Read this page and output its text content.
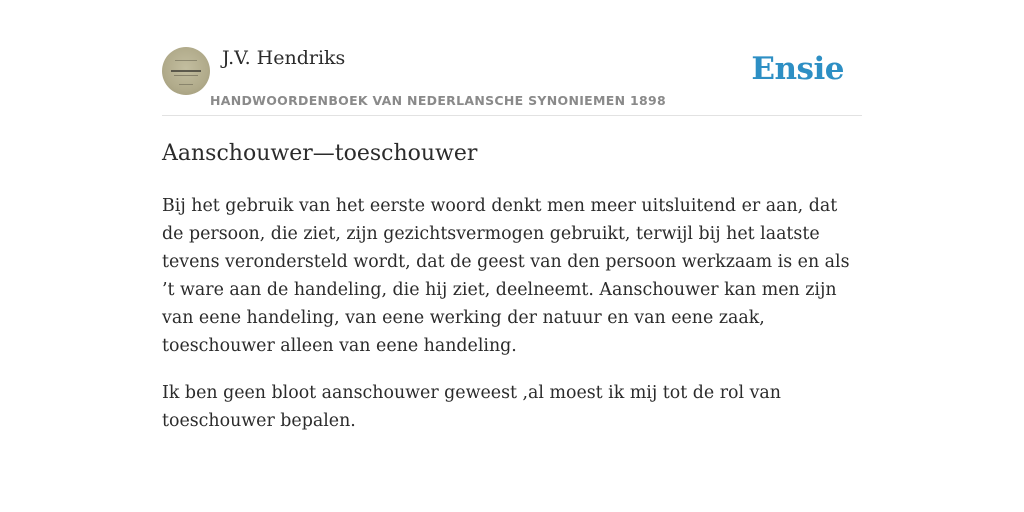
J.V. Hendriks
HANDWOORDENBOEK VAN NEDERLANSCHE SYNONIEMEN 1898
Ensie
Aanschouwer—toeschouwer

Bij het gebruik van het eerste woord denkt men meer uitsluitend er aan, dat de persoon, die ziet, zijn gezichtsvermogen gebruikt, terwijl bij het laatste tevens verondersteld wordt, dat de geest van den persoon werkzaam is en als ’t ware aan de handeling, die hij ziet, deelneemt. Aanschouwer kan men zijn van eene handeling, van eene werking der natuur en van eene zaak, toeschouwer alleen van eene handeling.

Ik ben geen bloot aanschouwer geweest ,al moest ik mij tot de rol van toeschouwer bepalen.
